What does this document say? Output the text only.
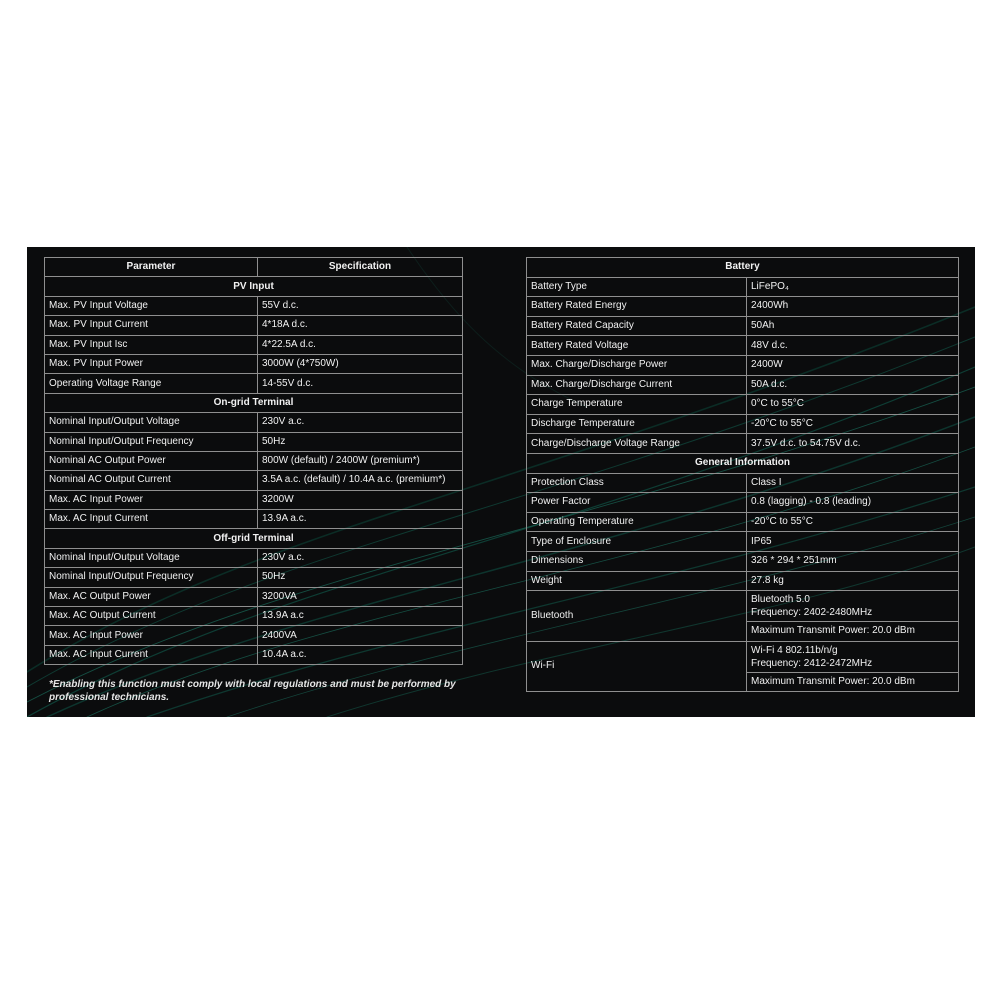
Parameter	Specification
PV Input	
Max. PV Input Voltage	55V d.c.
Max. PV Input Current	4*18A d.c.
Max. PV Input Isc	4*22.5A d.c.
Max. PV Input Power	3000W (4*750W)
Operating Voltage Range	14-55V d.c.
On-grid Terminal	
Nominal Input/Output Voltage	230V a.c.
Nominal Input/Output Frequency	50Hz
Nominal AC Output Power	800W (default) / 2400W (premium*)
Nominal AC Output Current	3.5A a.c. (default) / 10.4A a.c. (premium*)
Max. AC Input Power	3200W
Max. AC Input Current	13.9A a.c.
Off-grid Terminal	
Nominal Input/Output Voltage	230V a.c.
Nominal Input/Output Frequency	50Hz
Max. AC Output Power	3200VA
Max. AC Output Current	13.9A a.c
Max. AC Input Power	2400VA
Max. AC Input Current	10.4A a.c.
*Enabling this function must comply with local regulations and must be performed by professional technicians.
Battery	
Battery Type	LiFePO₄
Battery Rated Energy	2400Wh
Battery Rated Capacity	50Ah
Battery Rated Voltage	48V d.c.
Max. Charge/Discharge Power	2400W
Max. Charge/Discharge Current	50A d.c.
Charge Temperature	0°C to 55°C
Discharge Temperature	-20°C to 55°C
Charge/Discharge Voltage Range	37.5V d.c. to 54.75V d.c.
General Information	
Protection Class	Class I
Power Factor	0.8 (lagging) - 0.8 (leading)
Operating Temperature	-20°C to 55°C
Type of Enclosure	IP65
Dimensions	326 * 294 * 251mm
Weight	27.8 kg
Bluetooth	Bluetooth 5.0
Frequency: 2402-2480MHz

	Maximum Transmit Power: 20.0 dBm
Wi-Fi	Wi-Fi 4 802.11b/n/g
Frequency: 2412-2472MHz

	Maximum Transmit Power: 20.0 dBm
